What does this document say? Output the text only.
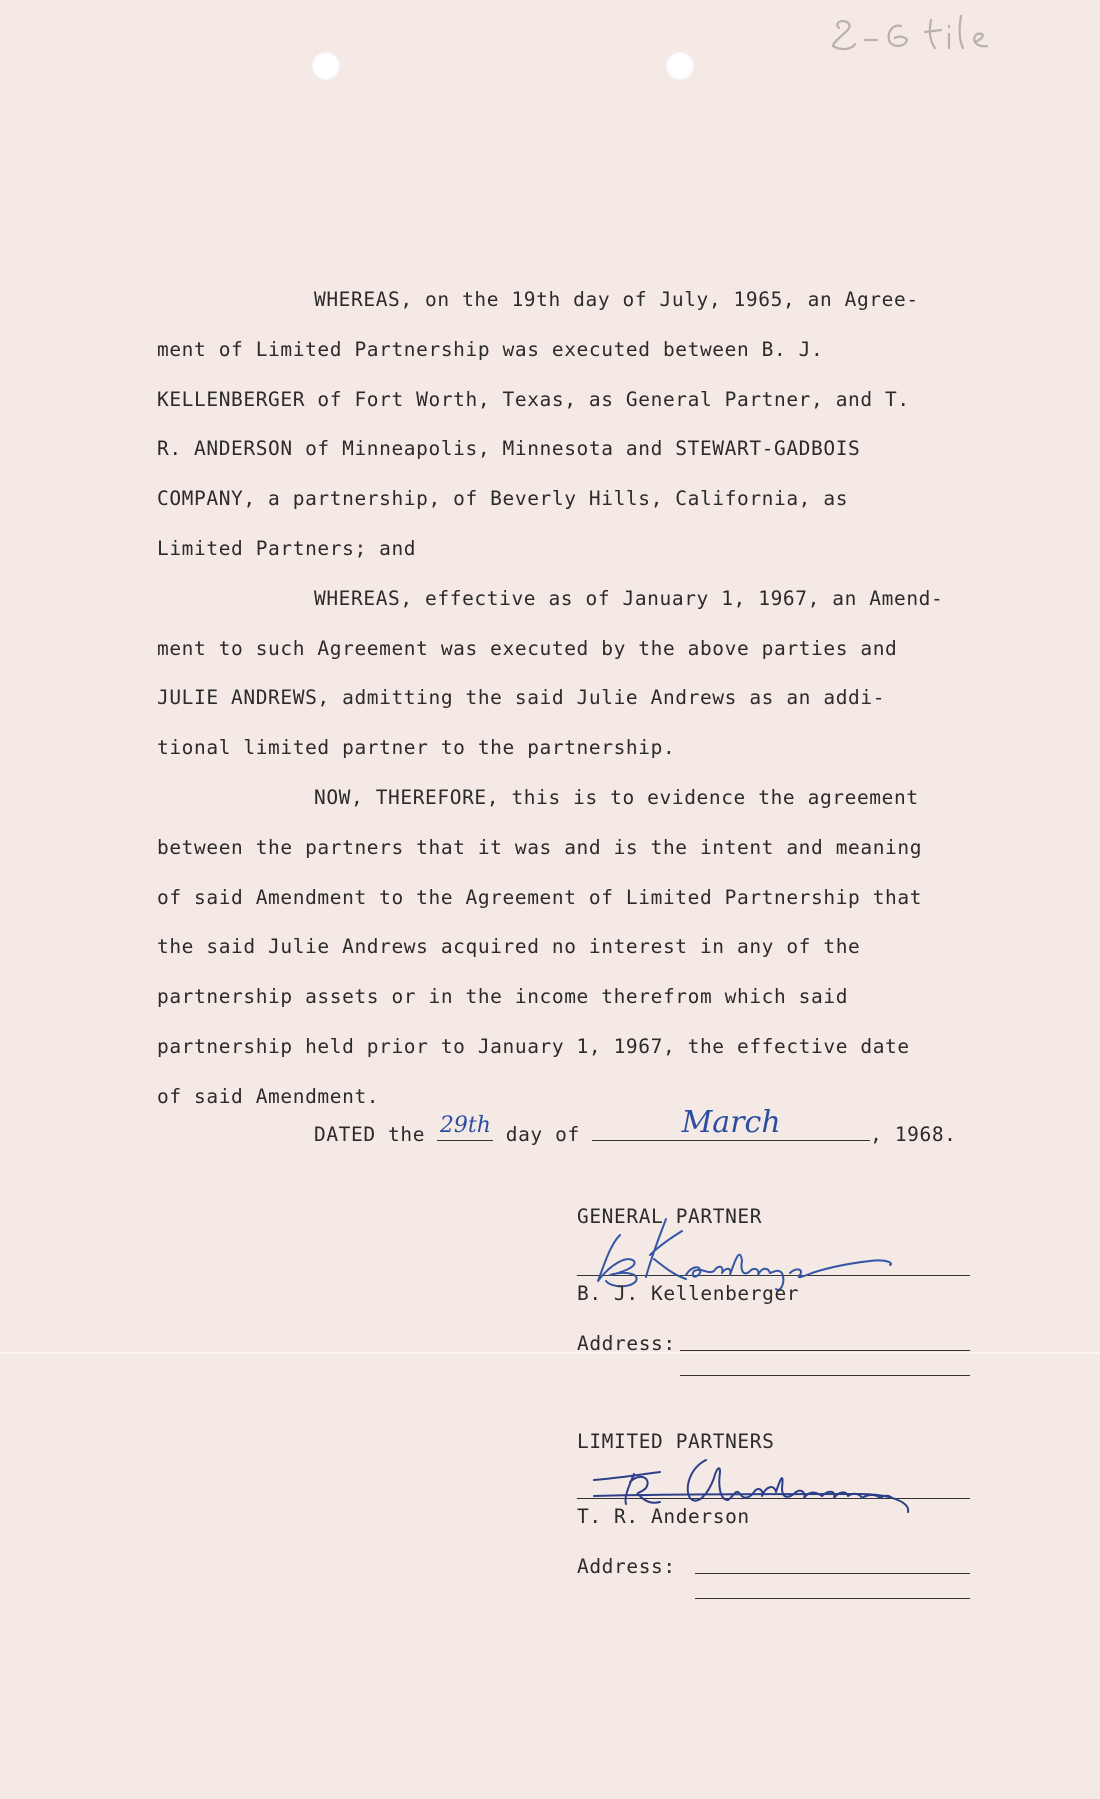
WHEREAS, on the 19th day of July, 1965, an Agree-
ment of Limited Partnership was executed between B. J.
KELLENBERGER of Fort Worth, Texas, as General Partner, and T.
R. ANDERSON of Minneapolis, Minnesota and STEWART-GADBOIS
COMPANY, a partnership, of Beverly Hills, California, as
Limited Partners; and
WHEREAS, effective as of January 1, 1967, an Amend-
ment to such Agreement was executed by the above parties and
JULIE ANDREWS, admitting the said Julie Andrews as an addi-
tional limited partner to the partnership.
NOW, THEREFORE, this is to evidence the agreement
between the partners that it was and is the intent and meaning
of said Amendment to the Agreement of Limited Partnership that
the said Julie Andrews acquired no interest in any of the
partnership assets or in the income therefrom which said
partnership held prior to January 1, 1967, the effective date
of said Amendment.
DATED the 29th day of	March	, 1968.
GENERAL PARTNER
B. J. Kellenberger
Address:
LIMITED PARTNERS
T. R. Anderson
Address:
